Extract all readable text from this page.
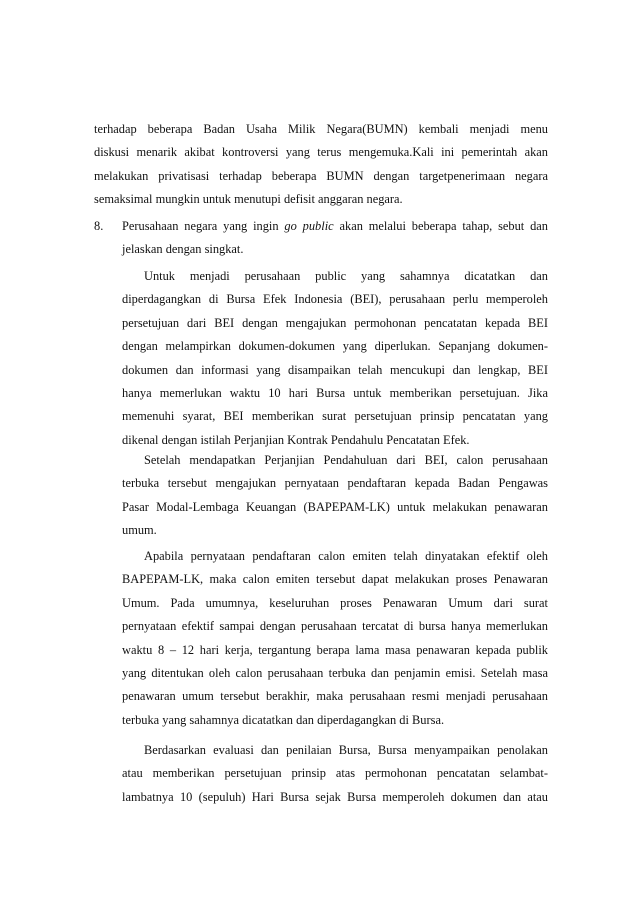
terhadap beberapa Badan Usaha Milik Negara(BUMN) kembali menjadi menu
diskusi menarik akibat kontroversi yang terus mengemuka.Kali ini pemerintah akan
melakukan privatisasi terhadap beberapa BUMN dengan targetpenerimaan negara
semaksimal mungkin untuk menutupi defisit anggaran negara.
8. Perusahaan negara yang ingin go public akan melalui beberapa tahap, sebut dan
jelaskan dengan singkat.
Untuk menjadi perusahaan public yang sahamnya dicatatkan dan
diperdagangkan di Bursa Efek Indonesia (BEI), perusahaan perlu memperoleh
persetujuan dari BEI dengan mengajukan permohonan pencatatan kepada BEI
dengan melampirkan dokumen-dokumen yang diperlukan. Sepanjang dokumen-
dokumen dan informasi yang disampaikan telah mencukupi dan lengkap, BEI
hanya memerlukan waktu 10 hari Bursa untuk memberikan persetujuan. Jika
memenuhi syarat, BEI memberikan surat persetujuan prinsip pencatatan yang
dikenal dengan istilah Perjanjian Kontrak Pendahulu Pencatatan Efek.
Setelah mendapatkan Perjanjian Pendahuluan dari BEI, calon perusahaan
terbuka tersebut mengajukan pernyataan pendaftaran kepada Badan Pengawas
Pasar Modal-Lembaga Keuangan (BAPEPAM-LK) untuk melakukan penawaran
umum.
Apabila pernyataan pendaftaran calon emiten telah dinyatakan efektif oleh
BAPEPAM-LK, maka calon emiten tersebut dapat melakukan proses Penawaran
Umum. Pada umumnya, keseluruhan proses Penawaran Umum dari surat
pernyataan efektif sampai dengan perusahaan tercatat di bursa hanya memerlukan
waktu 8 – 12 hari kerja, tergantung berapa lama masa penawaran kepada publik
yang ditentukan oleh calon perusahaan terbuka dan penjamin emisi. Setelah masa
penawaran umum tersebut berakhir, maka perusahaan resmi menjadi perusahaan
terbuka yang sahamnya dicatatkan dan diperdagangkan di Bursa.
Berdasarkan evaluasi dan penilaian Bursa, Bursa menyampaikan penolakan
atau memberikan persetujuan prinsip atas permohonan pencatatan selambat-
lambatnya 10 (sepuluh) Hari Bursa sejak Bursa memperoleh dokumen dan atau
